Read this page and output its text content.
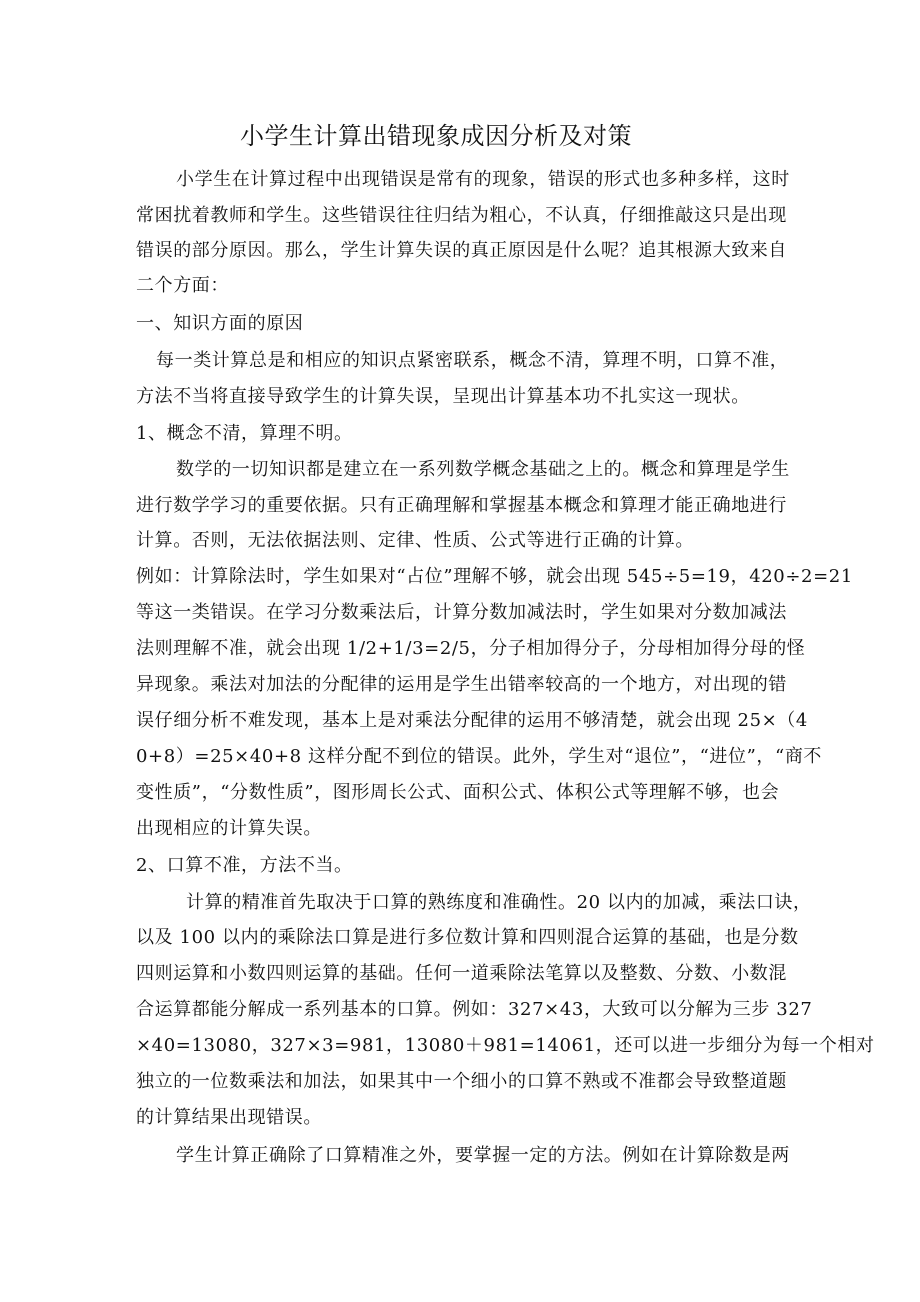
小学生计算出错现象成因分析及对策
小学生在计算过程中出现错误是常有的现象，错误的形式也多种多样，这时
常困扰着教师和学生。这些错误往往归结为粗心，不认真，仔细推敲这只是出现
错误的部分原因。那么，学生计算失误的真正原因是什么呢？追其根源大致来自
二个方面：
一、知识方面的原因
每一类计算总是和相应的知识点紧密联系，概念不清，算理不明，口算不准，
方法不当将直接导致学生的计算失误，呈现出计算基本功不扎实这一现状。
1、概念不清，算理不明。
数学的一切知识都是建立在一系列数学概念基础之上的。概念和算理是学生
进行数学学习的重要依据。只有正确理解和掌握基本概念和算理才能正确地进行
计算。否则，无法依据法则、定律、性质、公式等进行正确的计算。
例如：计算除法时，学生如果对“占位”理解不够，就会出现 545÷5=19，420÷2=21
等这一类错误。在学习分数乘法后，计算分数加减法时，学生如果对分数加减法
法则理解不准，就会出现 1/2+1/3=2/5，分子相加得分子，分母相加得分母的怪
异现象。乘法对加法的分配律的运用是学生出错率较高的一个地方，对出现的错
误仔细分析不难发现，基本上是对乘法分配律的运用不够清楚，就会出现 25×（4
0+8）=25×40+8 这样分配不到位的错误。此外，学生对“退位”，“进位”，“商不
变性质”，“分数性质”，图形周长公式、面积公式、体积公式等理解不够，也会
出现相应的计算失误。
2、口算不准，方法不当。
计算的精准首先取决于口算的熟练度和准确性。20 以内的加减，乘法口诀，
以及 100 以内的乘除法口算是进行多位数计算和四则混合运算的基础，也是分数
四则运算和小数四则运算的基础。任何一道乘除法笔算以及整数、分数、小数混
合运算都能分解成一系列基本的口算。例如：327×43，大致可以分解为三步 327
×40=13080，327×3=981，13080＋981=14061，还可以进一步细分为每一个相对
独立的一位数乘法和加法，如果其中一个细小的口算不熟或不准都会导致整道题
的计算结果出现错误。
学生计算正确除了口算精准之外，要掌握一定的方法。例如在计算除数是两
